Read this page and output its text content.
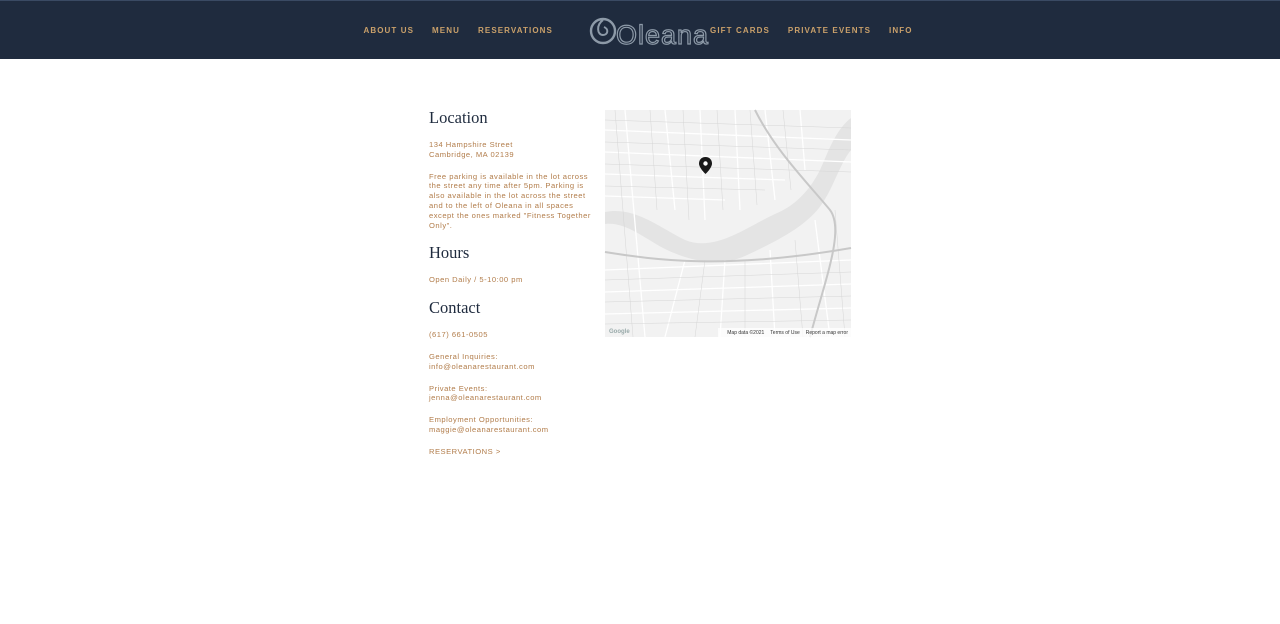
ABOUT US MENU RESERVATIONS Oleana GIFT CARDS PRIVATE EVENTS INFO
Location

134 Hampshire Street

Cambridge, MA 02139

Free parking is available in the lot across the street any time after 5pm. Parking is also available in the lot across the street and to the left of Oleana in all spaces except the ones marked "Fitness Together Only".

Hours

Open Daily / 5-10:00 pm

Contact

(617) 661-0505

General Inquiries:

info@oleanarestaurant.com

Private Events:

jenna@oleanarestaurant.com

Employment Opportunities:

maggie@oleanarestaurant.com

RESERVATIONS >

Google	Map data ©2021 Terms of Use Report a map error
